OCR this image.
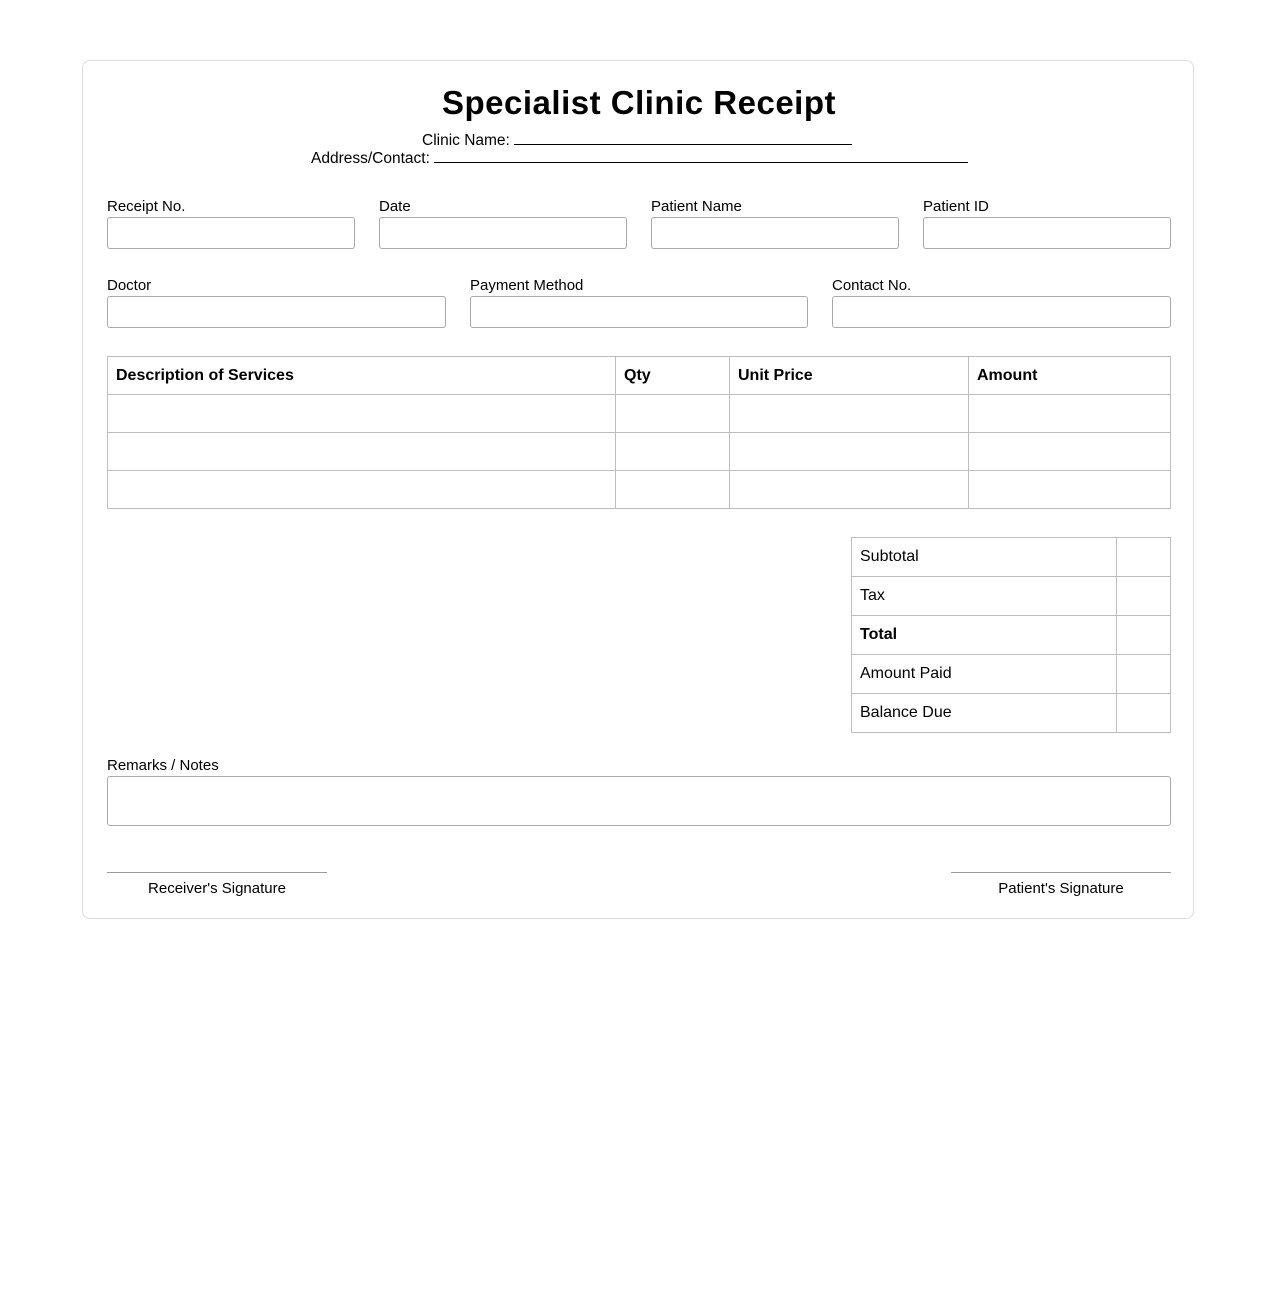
Specialist Clinic Receipt
Clinic Name:
Address/Contact:
Receipt No.	Date	Patient Name	Patient ID
Doctor	Payment Method	Contact No.
Description of Services	Qty	Unit Price	Amount

Subtotal	
Tax	
Total	
Amount Paid	
Balance Due	
Remarks / Notes
Receiver's Signature	Patient's Signature
